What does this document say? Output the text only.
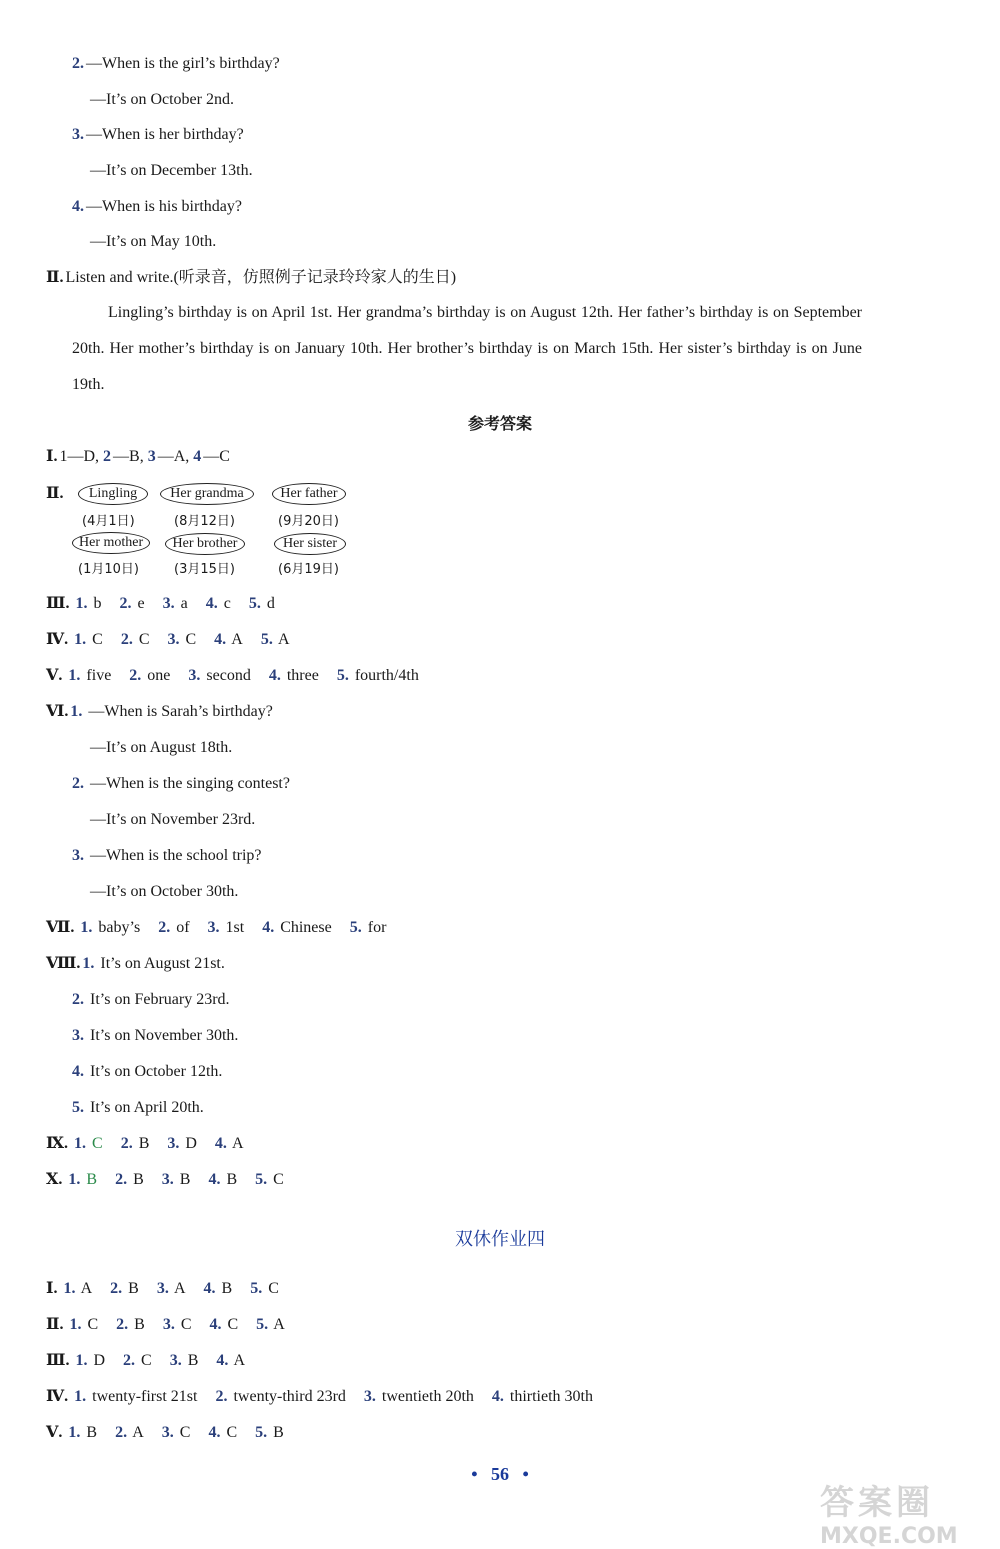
2. —When is the girl’s birthday?
—It’s on October 2nd.
3. —When is her birthday?
—It’s on December 13th.
4. —When is his birthday?
—It’s on May 10th.
Ⅱ. Listen and write.(听录音，仿照例子记录玲玲家人的生日)
Lingling’s birthday is on April 1st. Her grandma’s birthday is on August 12th. Her father’s birthday is on September 20th. Her mother’s birthday is on January 10th. Her brother’s birthday is on March 15th. Her sister’s birthday is on June 19th.
参考答案
Ⅰ. 1—D, 2 —B, 3 —A, 4 —C
Ⅱ.	Lingling	Her grandma	Her father
(4月1日)	(8月12日)	(9月20日)
Her mother	Her brother	Her sister
(1月10日)	(3月15日)	(6月19日)
Ⅲ. 1. b 2. e 3. a 4. c 5. d
Ⅳ. 1. C 2. C 3. C 4. A 5. A
Ⅴ. 1. five 2. one 3. second 4. three 5. fourth/4th
Ⅵ. 1. —When is Sarah’s birthday?
—It’s on August 18th.
2. —When is the singing contest?
—It’s on November 23rd.
3. —When is the school trip?
—It’s on October 30th.
Ⅶ. 1. baby’s 2. of 3. 1st 4. Chinese 5. for
Ⅷ. 1. It’s on August 21st.
2. It’s on February 23rd.
3. It’s on November 30th.
4. It’s on October 12th.
5. It’s on April 20th.
Ⅸ. 1. C 2. B 3. D 4. A
Ⅹ. 1. B 2. B 3. B 4. B 5. C
双休作业四
Ⅰ. 1. A 2. B 3. A 4. B 5. C
Ⅱ. 1. C 2. B 3. C 4. C 5. A
Ⅲ. 1. D 2. C 3. B 4. A
Ⅳ. 1. twenty-first 21st 2. twenty-third 23rd 3. twentieth 20th 4. thirtieth 30th
Ⅴ. 1. B 2. A 3. C 4. C 5. B
• 56 •
答案圈
MXQE.COM
